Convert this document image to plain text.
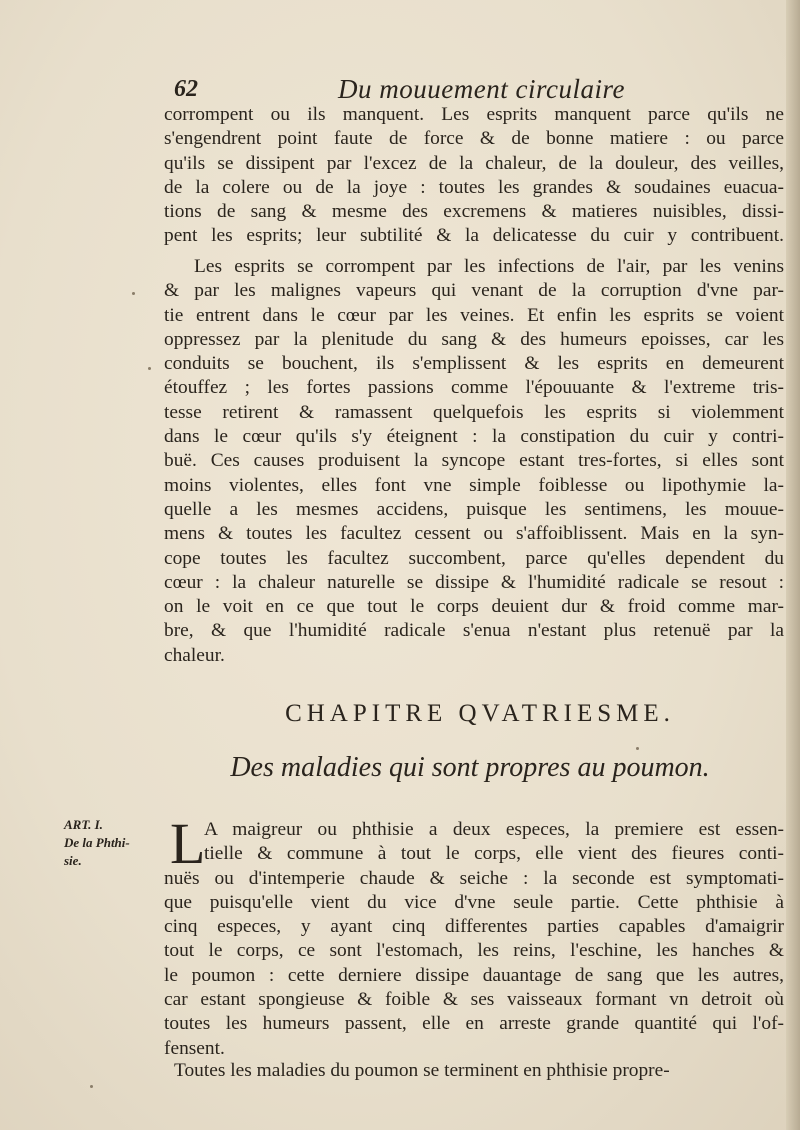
62	Du mouuement circulaire

corrompent ou ils manquent. Les esprits manquent parce qu'ils ne
s'engendrent point faute de force & de bonne matiere : ou parce
qu'ils se dissipent par l'excez de la chaleur, de la douleur, des veilles,
de la colere ou de la joye : toutes les grandes & soudaines euacua-
tions de sang & mesme des excremens & matieres nuisibles, dissi-
pent les esprits; leur subtilité & la delicatesse du cuir y contribuent.

Les esprits se corrompent par les infections de l'air, par les venins
& par les malignes vapeurs qui venant de la corruption d'vne par-
tie entrent dans le cœur par les veines. Et enfin les esprits se voient
oppressez par la plenitude du sang & des humeurs epoisses, car les
conduits se bouchent, ils s'emplissent & les esprits en demeurent
étouffez ; les fortes passions comme l'épouuante & l'extreme tris-
tesse retirent & ramassent quelquefois les esprits si violemment
dans le cœur qu'ils s'y éteignent : la constipation du cuir y contri-
buë. Ces causes produisent la syncope estant tres-fortes, si elles sont
moins violentes, elles font vne simple foiblesse ou lipothymie la-
quelle a les mesmes accidens, puisque les sentimens, les mouue-
mens & toutes les facultez cessent ou s'affoiblissent. Mais en la syn-
cope toutes les facultez succombent, parce qu'elles dependent du
cœur : la chaleur naturelle se dissipe & l'humidité radicale se resout :
on le voit en ce que tout le corps deuient dur & froid comme mar-
bre, & que l'humidité radicale s'enua n'estant plus retenuë par la
chaleur.

CHAPITRE QVATRIESME.
Des maladies qui sont propres au poumon.
ART. I.
De la Phthi-
sie.	L

A maigreur ou phthisie a deux especes, la premiere est essen-
tielle & commune à tout le corps, elle vient des fieures conti-
nuës ou d'intemperie chaude & seiche : la seconde est symptomati-
que puisqu'elle vient du vice d'vne seule partie. Cette phthisie à
cinq especes, y ayant cinq differentes parties capables d'amaigrir
tout le corps, ce sont l'estomach, les reins, l'eschine, les hanches &
le poumon : cette derniere dissipe dauantage de sang que les autres,
car estant spongieuse & foible & ses vaisseaux formant vn detroit où
toutes les humeurs passent, elle en arreste grande quantité qui l'of-
fensent.

Toutes les maladies du poumon se terminent en phthisie propre-
